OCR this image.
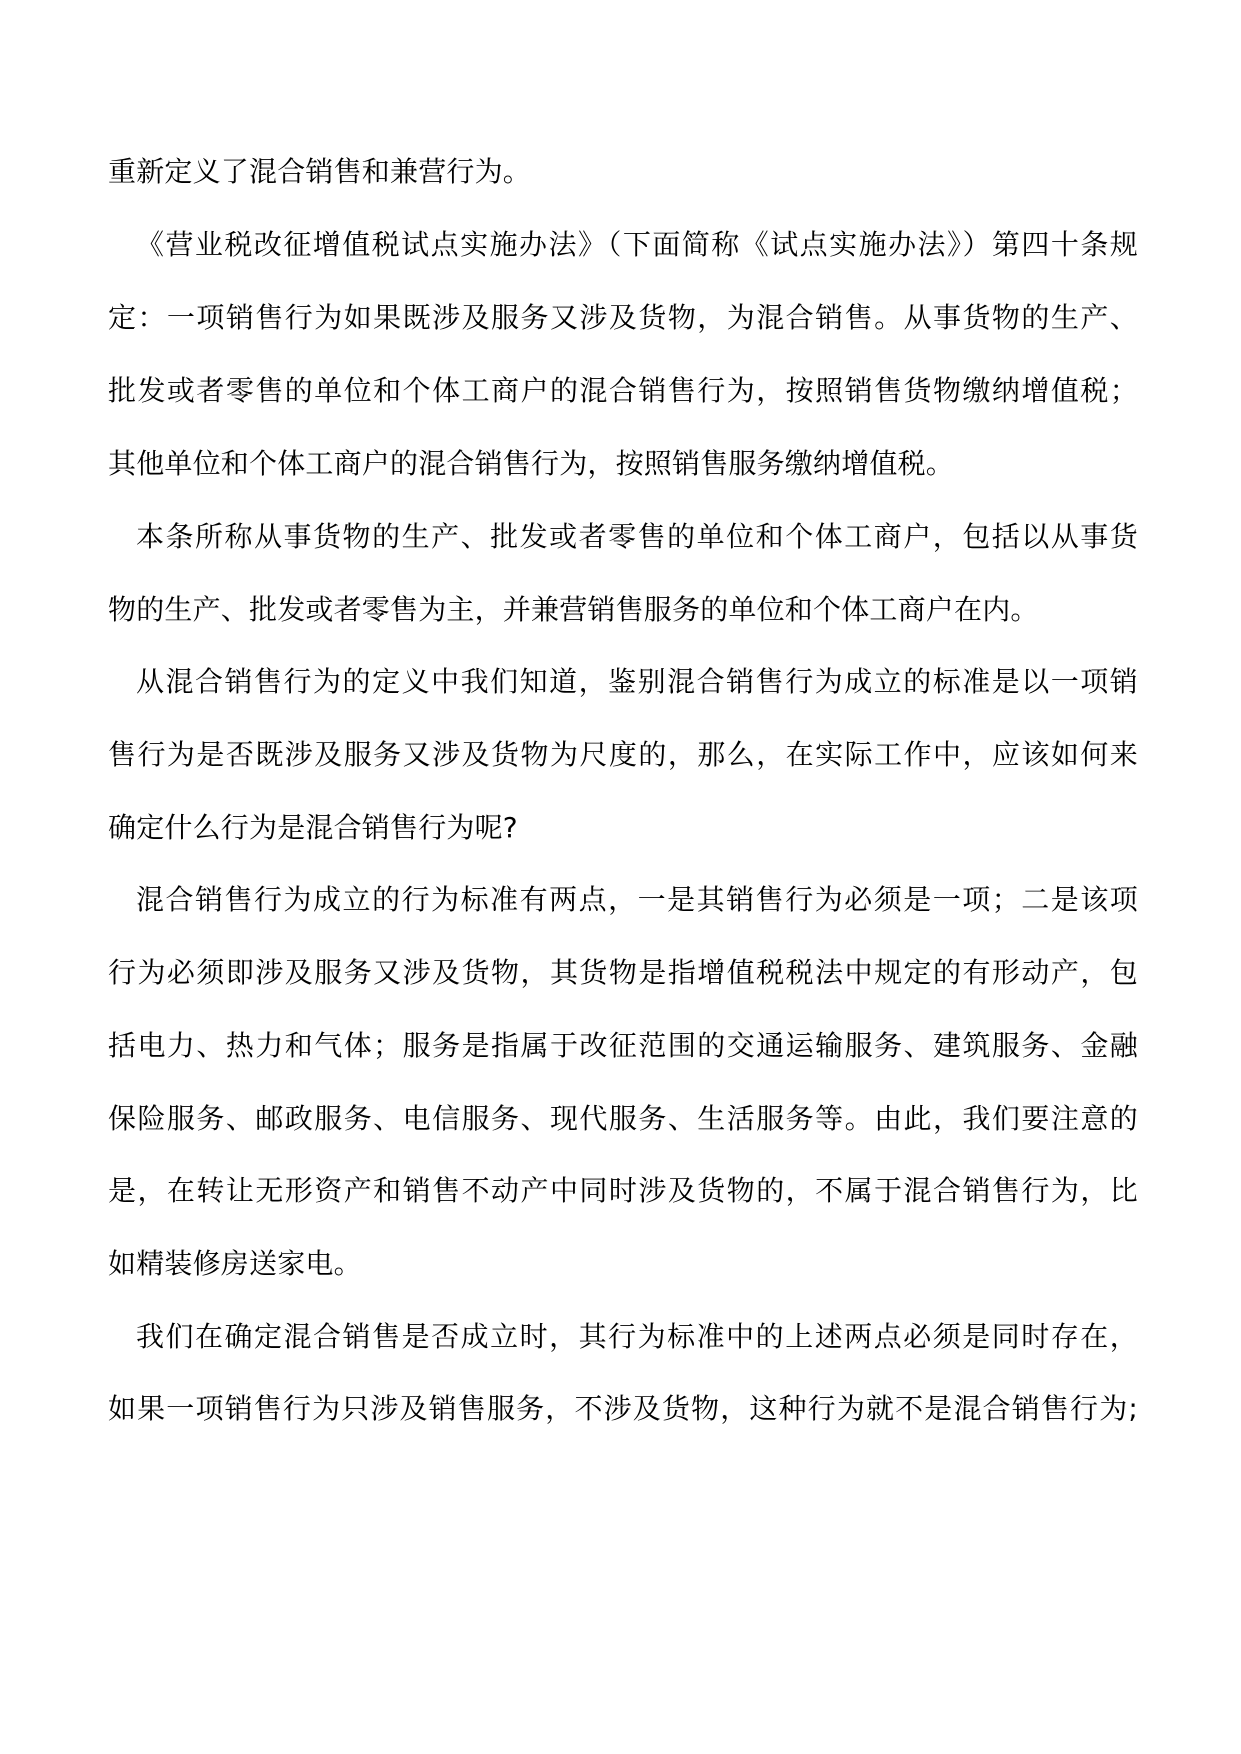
重新定义了混合销售和兼营行为。
《营业税改征增值税试点实施办法》（下面简称《试点实施办法》）第四十条规
定：一项销售行为如果既涉及服务又涉及货物，为混合销售。从事货物的生产、
批发或者零售的单位和个体工商户的混合销售行为，按照销售货物缴纳增值税；
其他单位和个体工商户的混合销售行为，按照销售服务缴纳增值税。
本条所称从事货物的生产、批发或者零售的单位和个体工商户，包括以从事货
物的生产、批发或者零售为主，并兼营销售服务的单位和个体工商户在内。
从混合销售行为的定义中我们知道，鉴别混合销售行为成立的标准是以一项销
售行为是否既涉及服务又涉及货物为尺度的，那么，在实际工作中，应该如何来
确定什么行为是混合销售行为呢?
混合销售行为成立的行为标准有两点，一是其销售行为必须是一项；二是该项
行为必须即涉及服务又涉及货物，其货物是指增值税税法中规定的有形动产，包
括电力、热力和气体；服务是指属于改征范围的交通运输服务、建筑服务、金融
保险服务、邮政服务、电信服务、现代服务、生活服务等。由此，我们要注意的
是，在转让无形资产和销售不动产中同时涉及货物的，不属于混合销售行为，比
如精装修房送家电。
我们在确定混合销售是否成立时，其行为标准中的上述两点必须是同时存在，
如果一项销售行为只涉及销售服务，不涉及货物，这种行为就不是混合销售行为;
